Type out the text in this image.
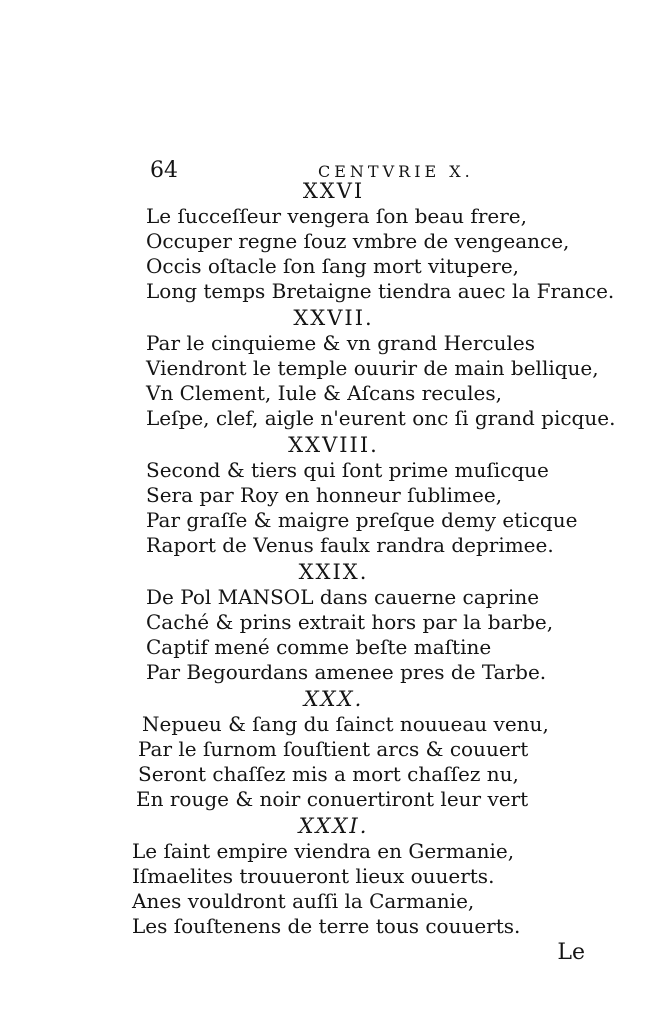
64	CENTVRIE X.
XXVI
Le ſucceſſeur vengera ſon beau frere,
Occuper regne ſouz vmbre de vengeance,
Occis oſtacle ſon ſang mort vitupere,
Long temps Bretaigne tiendra auec la France.
XXVII.
Par le cinquieme & vn grand Hercules
Viendront le temple ouurir de main bellique,
Vn Clement, Iule & Aſcans recules,
Leſpe, clef, aigle n'eurent onc ſi grand picque.
XXVIII.
Second & tiers qui ſont prime muſicque
Sera par Roy en honneur ſublimee,
Par graſſe & maigre preſque demy eticque
Raport de Venus faulx randra deprimee.
XXIX.
De Pol MANSOL dans cauerne caprine
Caché & prins extrait hors par la barbe,
Captif mené comme beſte maſtine
Par Begourdans amenee pres de Tarbe.
XXX.
Nepueu & ſang du ſainct nouueau venu,
Par le ſurnom ſouſtient arcs & couuert
Seront chaſſez mis a mort chaſſez nu,
En rouge & noir conuertiront leur vert
XXXI.
Le ſaint empire viendra en Germanie,
Iſmaelites trouueront lieux ouuerts.
Anes vouldront auſſi la Carmanie,
Les ſouſtenens de terre tous couuerts.
Le
